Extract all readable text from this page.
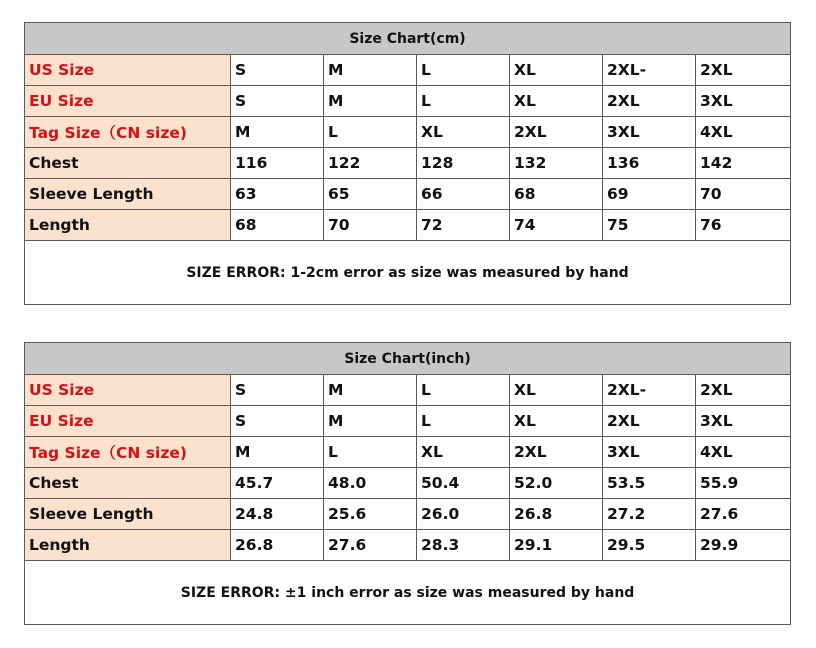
Size Chart(cm)						
US Size	S	M	L	XL	2XL-	2XL
EU Size	S	M	L	XL	2XL	3XL
Tag Size（CN size)	M	L	XL	2XL	3XL	4XL
Chest	116	122	128	132	136	142
Sleeve Length	63	65	66	68	69	70
Length	68	70	72	74	75	76
SIZE ERROR: 1-2cm error as size was measured by hand						
Size Chart(inch)						
US Size	S	M	L	XL	2XL-	2XL
EU Size	S	M	L	XL	2XL	3XL
Tag Size（CN size)	M	L	XL	2XL	3XL	4XL
Chest	45.7	48.0	50.4	52.0	53.5	55.9
Sleeve Length	24.8	25.6	26.0	26.8	27.2	27.6
Length	26.8	27.6	28.3	29.1	29.5	29.9
SIZE ERROR: ±1 inch error as size was measured by hand						
